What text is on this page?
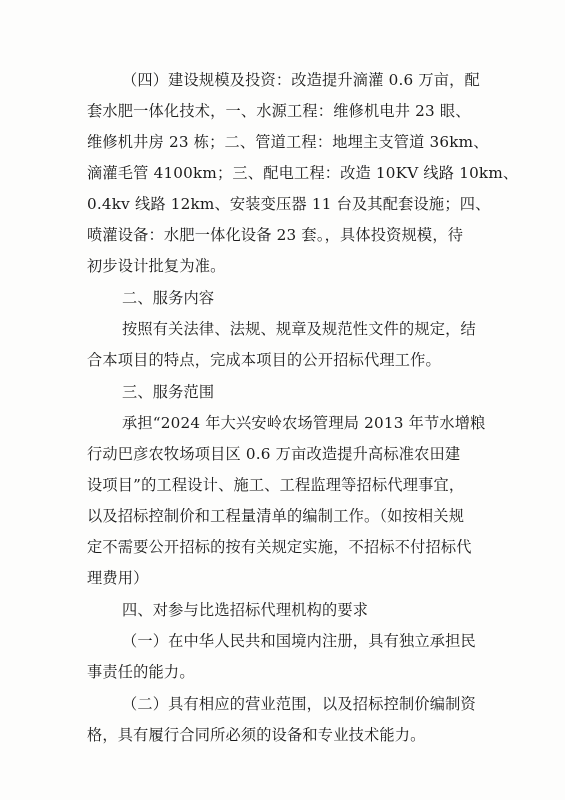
（四）建设规模及投资：改造提升滴灌 0.6 万亩，配
套水肥一体化技术，一、水源工程：维修机电井 23 眼、
维修机井房 23 栋；二、管道工程：地埋主支管道 36km、
滴灌毛管 4100km；三、配电工程：改造 10KV 线路 10km、
0.4kv 线路 12km、安装变压器 11 台及其配套设施；四、
喷灌设备：水肥一体化设备 23 套。，具体投资规模，待
初步设计批复为准。
二、服务内容
按照有关法律、法规、规章及规范性文件的规定，结
合本项目的特点，完成本项目的公开招标代理工作。
三、服务范围
承担“2024 年大兴安岭农场管理局 2013 年节水增粮
行动巴彦农牧场项目区 0.6 万亩改造提升高标准农田建
设项目”的工程设计、施工、工程监理等招标代理事宜，
以及招标控制价和工程量清单的编制工作。（如按相关规
定不需要公开招标的按有关规定实施，不招标不付招标代
理费用）
四、对参与比选招标代理机构的要求
（一）在中华人民共和国境内注册，具有独立承担民
事责任的能力。
（二）具有相应的营业范围，以及招标控制价编制资
格，具有履行合同所必须的设备和专业技术能力。
